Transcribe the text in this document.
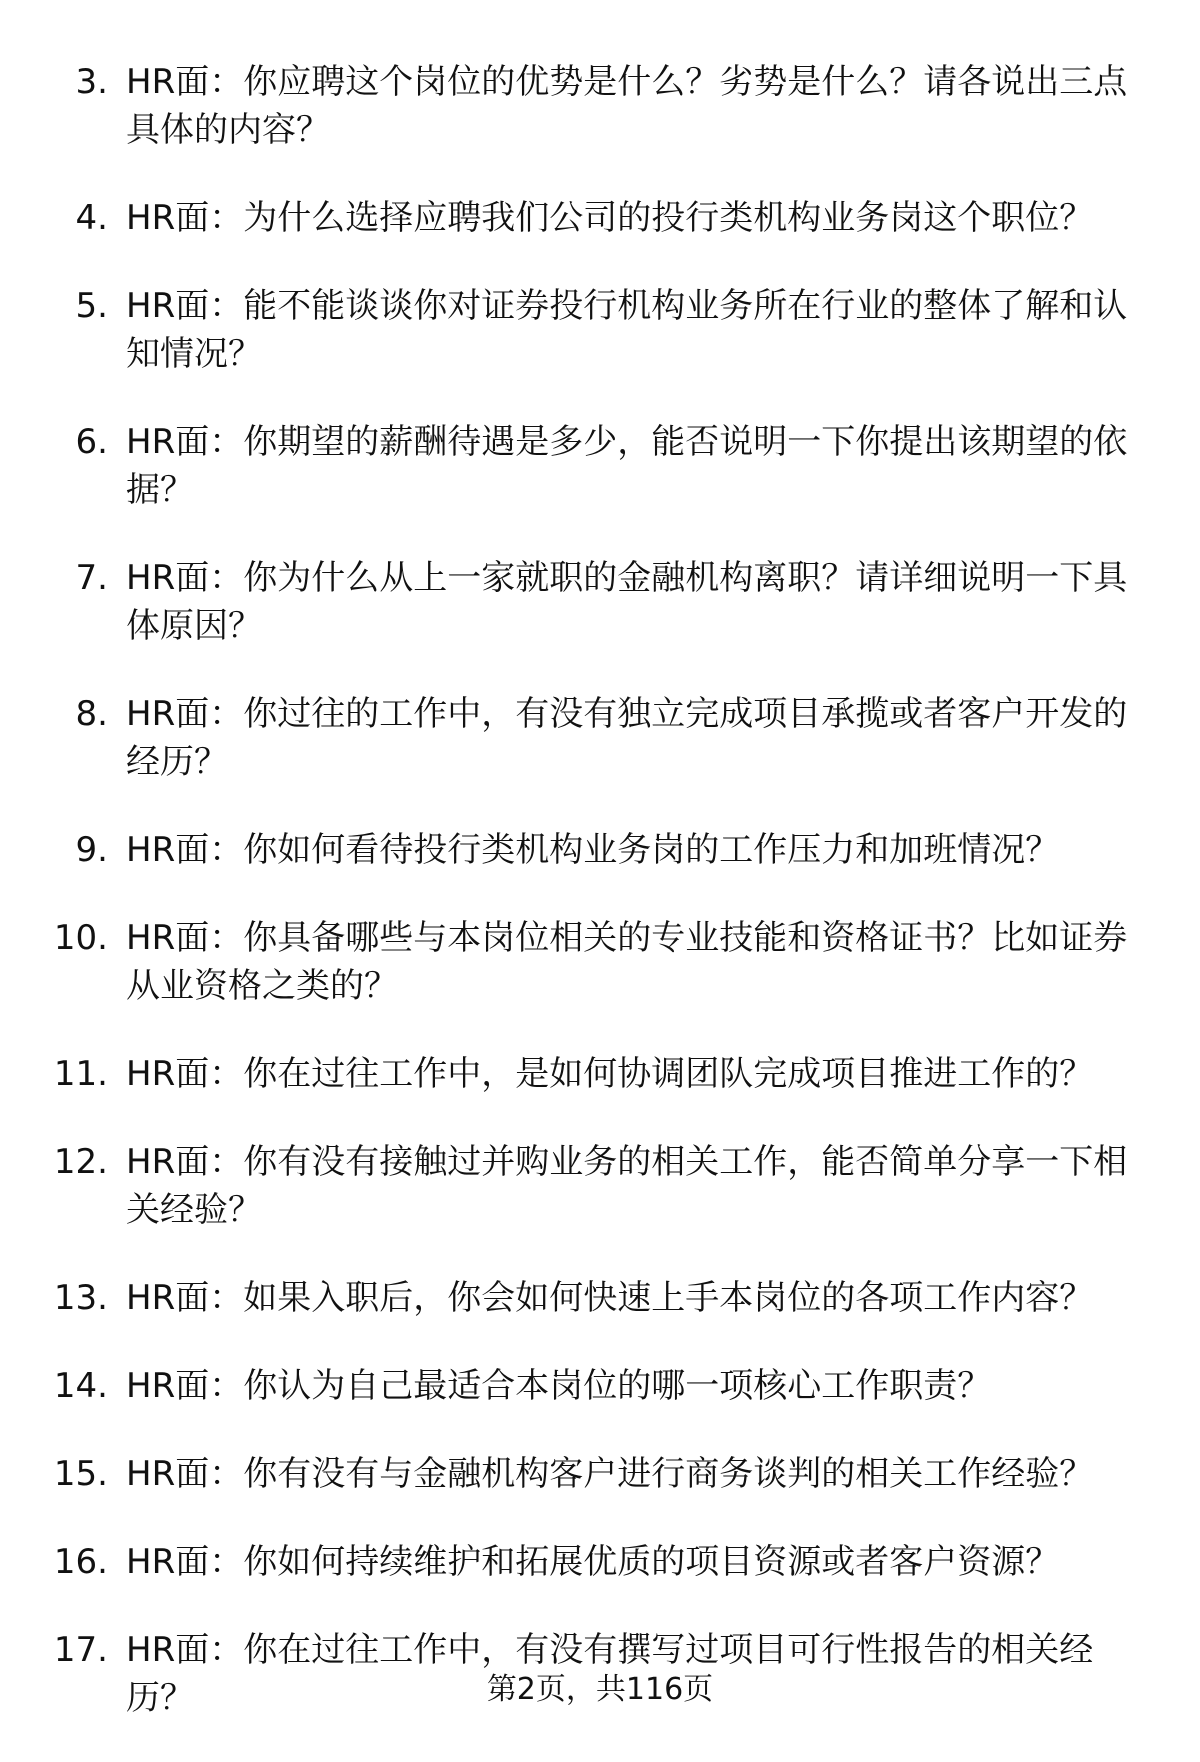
3. HR面：你应聘这个岗位的优势是什么？劣势是什么？请各说出三点具体的内容？
4. HR面：为什么选择应聘我们公司的投行类机构业务岗这个职位？
5. HR面：能不能谈谈你对证券投行机构业务所在行业的整体了解和认知情况？
6. HR面：你期望的薪酬待遇是多少，能否说明一下你提出该期望的依据？
7. HR面：你为什么从上一家就职的金融机构离职？请详细说明一下具体原因？
8. HR面：你过往的工作中，有没有独立完成项目承揽或者客户开发的经历？
9. HR面：你如何看待投行类机构业务岗的工作压力和加班情况？
10. HR面：你具备哪些与本岗位相关的专业技能和资格证书？比如证券从业资格之类的？
11. HR面：你在过往工作中，是如何协调团队完成项目推进工作的？
12. HR面：你有没有接触过并购业务的相关工作，能否简单分享一下相关经验？
13. HR面：如果入职后，你会如何快速上手本岗位的各项工作内容？
14. HR面：你认为自己最适合本岗位的哪一项核心工作职责？
15. HR面：你有没有与金融机构客户进行商务谈判的相关工作经验？
16. HR面：你如何持续维护和拓展优质的项目资源或者客户资源？
17. HR面：你在过往工作中，有没有撰写过项目可行性报告的相关经历？	第2页，共116页
